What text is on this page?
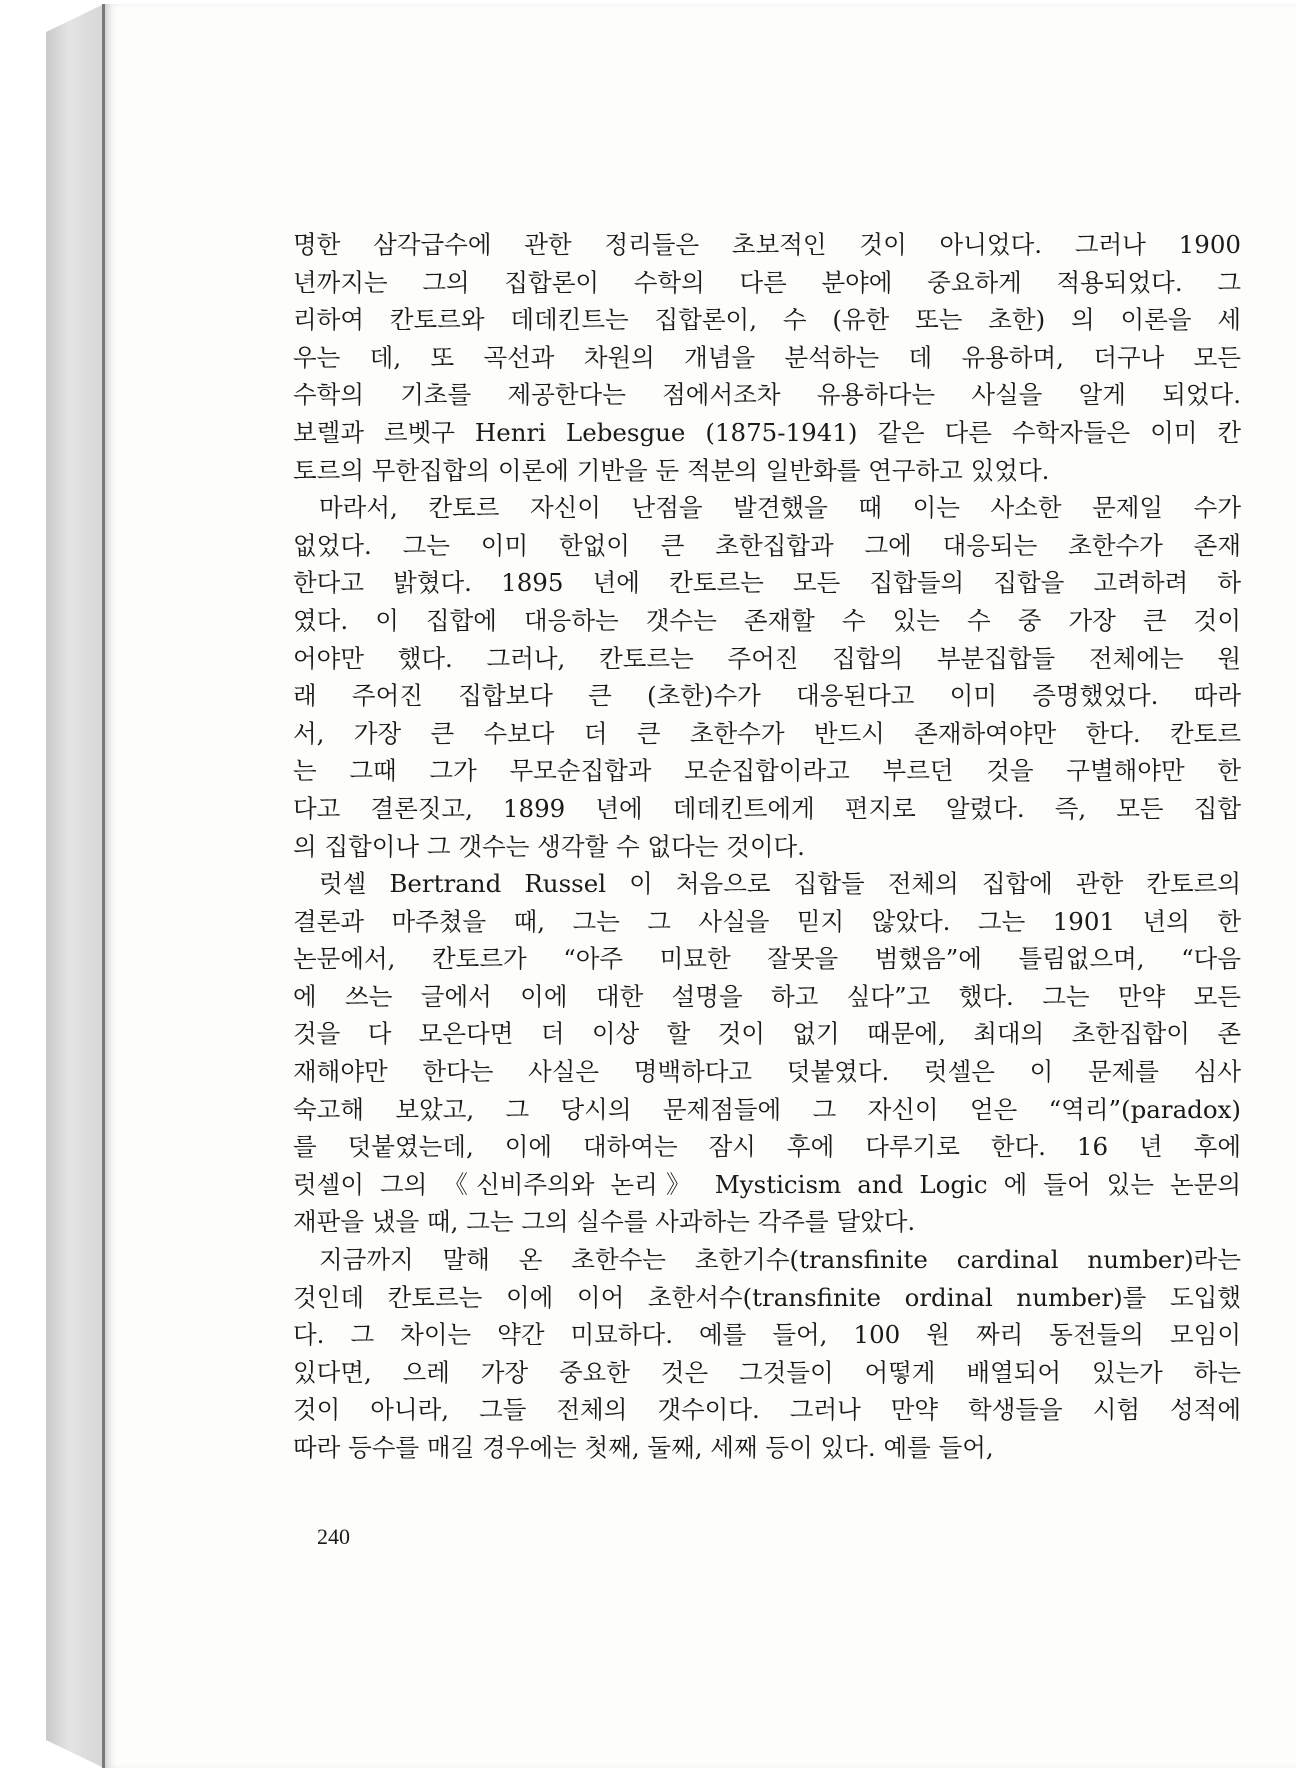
명한 삼각급수에 관한 정리들은 초보적인 것이 아니었다. 그러나 1900
년까지는 그의 집합론이 수학의 다른 분야에 중요하게 적용되었다. 그
리하여 칸토르와 데데킨트는 집합론이, 수 (유한 또는 초한) 의 이론을 세
우는 데, 또 곡선과 차원의 개념을 분석하는 데 유용하며, 더구나 모든
수학의 기초를 제공한다는 점에서조차 유용하다는 사실을 알게 되었다.
보렐과 르벳구 Henri Lebesgue (1875-1941) 같은 다른 수학자들은 이미 칸
토르의 무한집합의 이론에 기반을 둔 적분의 일반화를 연구하고 있었다.
마라서, 칸토르 자신이 난점을 발견했을 때 이는 사소한 문제일 수가
없었다. 그는 이미 한없이 큰 초한집합과 그에 대응되는 초한수가 존재
한다고 밝혔다. 1895 년에 칸토르는 모든 집합들의 집합을 고려하려 하
였다. 이 집합에 대응하는 갯수는 존재할 수 있는 수 중 가장 큰 것이
어야만 했다. 그러나, 칸토르는 주어진 집합의 부분집합들 전체에는 원
래 주어진 집합보다 큰 (초한)수가 대응된다고 이미 증명했었다. 따라
서, 가장 큰 수보다 더 큰 초한수가 반드시 존재하여야만 한다. 칸토르
는 그때 그가 무모순집합과 모순집합이라고 부르던 것을 구별해야만 한
다고 결론짓고, 1899 년에 데데킨트에게 편지로 알렸다. 즉, 모든 집합
의 집합이나 그 갯수는 생각할 수 없다는 것이다.
럿셀 Bertrand Russel 이 처음으로 집합들 전체의 집합에 관한 칸토르의
결론과 마주쳤을 때, 그는 그 사실을 믿지 않았다. 그는 1901 년의 한
논문에서, 칸토르가 “아주 미묘한 잘못을 범했음”에 틀림없으며, “다음
에 쓰는 글에서 이에 대한 설명을 하고 싶다”고 했다. 그는 만약 모든
것을 다 모은다면 더 이상 할 것이 없기 때문에, 최대의 초한집합이 존
재해야만 한다는 사실은 명백하다고 덧붙였다. 럿셀은 이 문제를 심사
숙고해 보았고, 그 당시의 문제점들에 그 자신이 얻은 “역리”(paradox)
를 덧붙였는데, 이에 대하여는 잠시 후에 다루기로 한다. 16 년 후에
럿셀이 그의 《신비주의와 논리》 Mysticism and Logic 에 들어 있는 논문의
재판을 냈을 때, 그는 그의 실수를 사과하는 각주를 달았다.
지금까지 말해 온 초한수는 초한기수(transfinite cardinal number)라는
것인데 칸토르는 이에 이어 초한서수(transfinite ordinal number)를 도입했
다. 그 차이는 약간 미묘하다. 예를 들어, 100 원 짜리 동전들의 모임이
있다면, 으레 가장 중요한 것은 그것들이 어떻게 배열되어 있는가 하는
것이 아니라, 그들 전체의 갯수이다. 그러나 만약 학생들을 시험 성적에
따라 등수를 매길 경우에는 첫째, 둘째, 세째 등이 있다. 예를 들어,
240
